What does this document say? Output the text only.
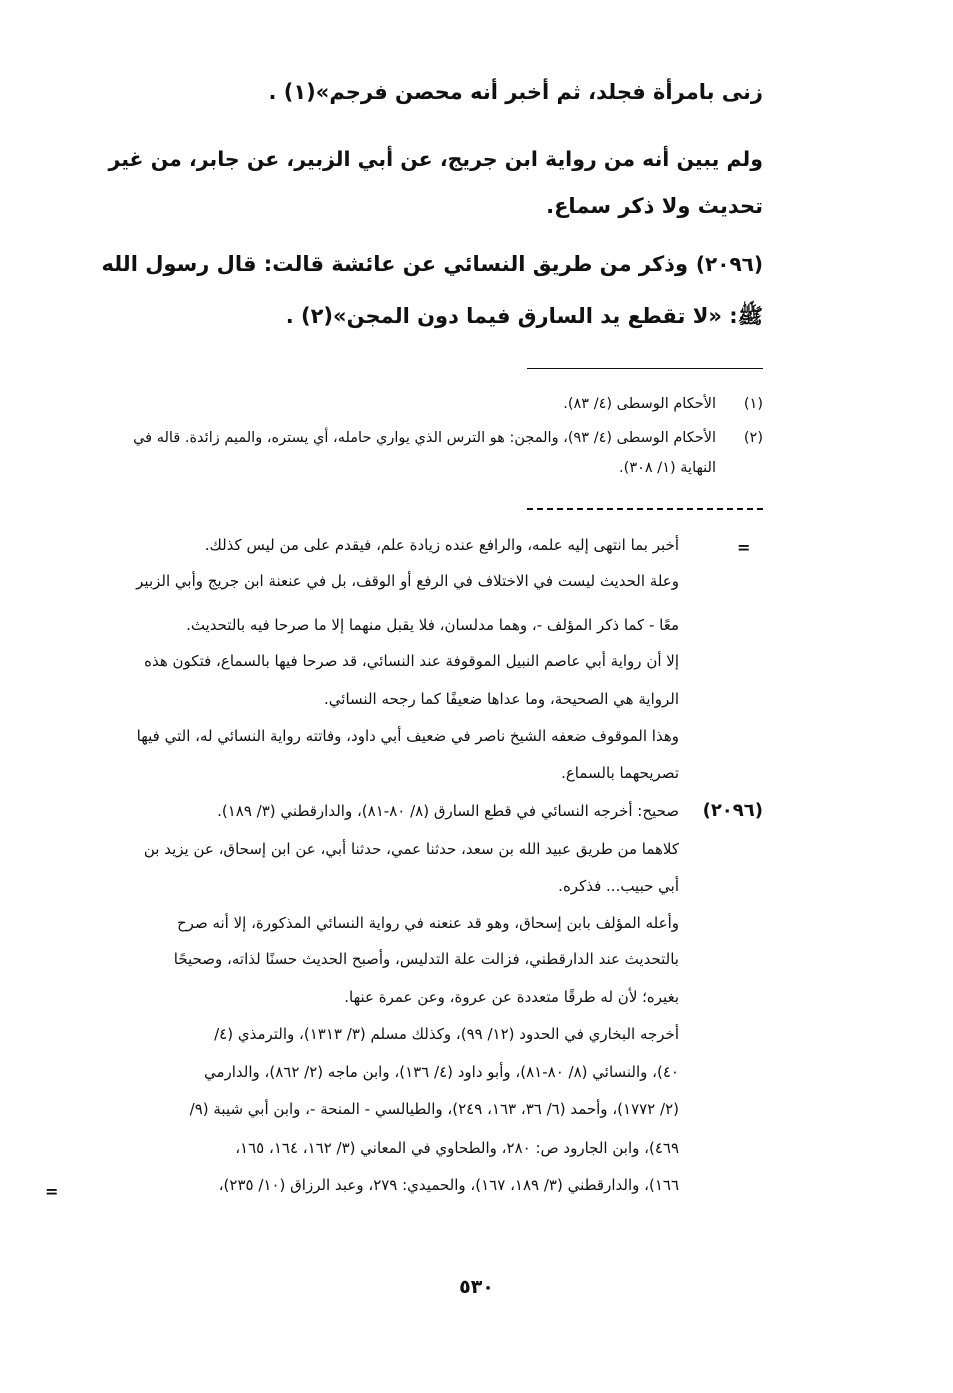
زنى بامرأة فجلد، ثم أخبر أنه محصن فرجم»(١) .
ولم يبين أنه من رواية ابن جريج، عن أبي الزبير، عن جابر، من غير
تحديث ولا ذكر سماع.
(٢٠٩٦)
وذكر من طريق النسائي عن عائشة قالت: قال رسول الله
ﷺ: «لا تقطع يد السارق فيما دون المجن»(٢) .
(١)
الأحكام الوسطى (٤/ ٨٣).
(٢)
الأحكام الوسطى (٤/ ٩٣)، والمجن: هو الترس الذي يواري حامله، أي يستره، والميم زائدة. قاله في
النهاية (١/ ٣٠٨).
=
أخبر بما انتهى إليه علمه، والرافع عنده زيادة علم، فيقدم على من ليس كذلك.
وعلة الحديث ليست في الاختلاف في الرفع أو الوقف، بل في عنعنة ابن جريج وأبي الزبير
معًا - كما ذكر المؤلف -، وهما مدلسان، فلا يقبل منهما إلا ما صرحا فيه بالتحديث.
إلا أن رواية أبي عاصم النبيل الموقوفة عند النسائي، قد صرحا فيها بالسماع، فتكون هذه
الرواية هي الصحيحة، وما عداها ضعيفًا كما رجحه النسائي.
وهذا الموقوف ضعفه الشيخ ناصر في ضعيف أبي داود، وفاتته رواية النسائي له، التي فيها
تصريحهما بالسماع.
(٢٠٩٦)
صحيح: أخرجه النسائي في قطع السارق (٨/ ٨٠-٨١)، والدارقطني (٣/ ١٨٩).
كلاهما من طريق عبيد الله بن سعد، حدثنا عمي، حدثنا أبي، عن ابن إسحاق، عن يزيد بن
أبي حبيب... فذكره.
وأعله المؤلف بابن إسحاق، وهو قد عنعنه في رواية النسائي المذكورة، إلا أنه صرح
بالتحديث عند الدارقطني، فزالت علة التدليس، وأصبح الحديث حسنًا لذاته، وصحيحًا
بغيره؛ لأن له طرقًا متعددة عن عروة، وعن عمرة عنها.
أخرجه البخاري في الحدود (١٢/ ٩٩)، وكذلك مسلم (٣/ ١٣١٣)، والترمذي (٤/
٤٠)، والنسائي (٨/ ٨٠-٨١)، وأبو داود (٤/ ١٣٦)، وابن ماجه (٢/ ٨٦٢)، والدارمي
(٢/ ١٧٧٢)، وأحمد (٦/ ٣٦، ١٦٣، ٢٤٩)، والطيالسي - المنحة -، وابن أبي شيبة (٩/
٤٦٩)، وابن الجارود ص: ٢٨٠، والطحاوي في المعاني (٣/ ١٦٢، ١٦٤، ١٦٥،
١٦٦)، والدارقطني (٣/ ١٨٩، ١٦٧)، والحميدي: ٢٧٩، وعبد الرزاق (١٠/ ٢٣٥)،
=
٥٣٠
